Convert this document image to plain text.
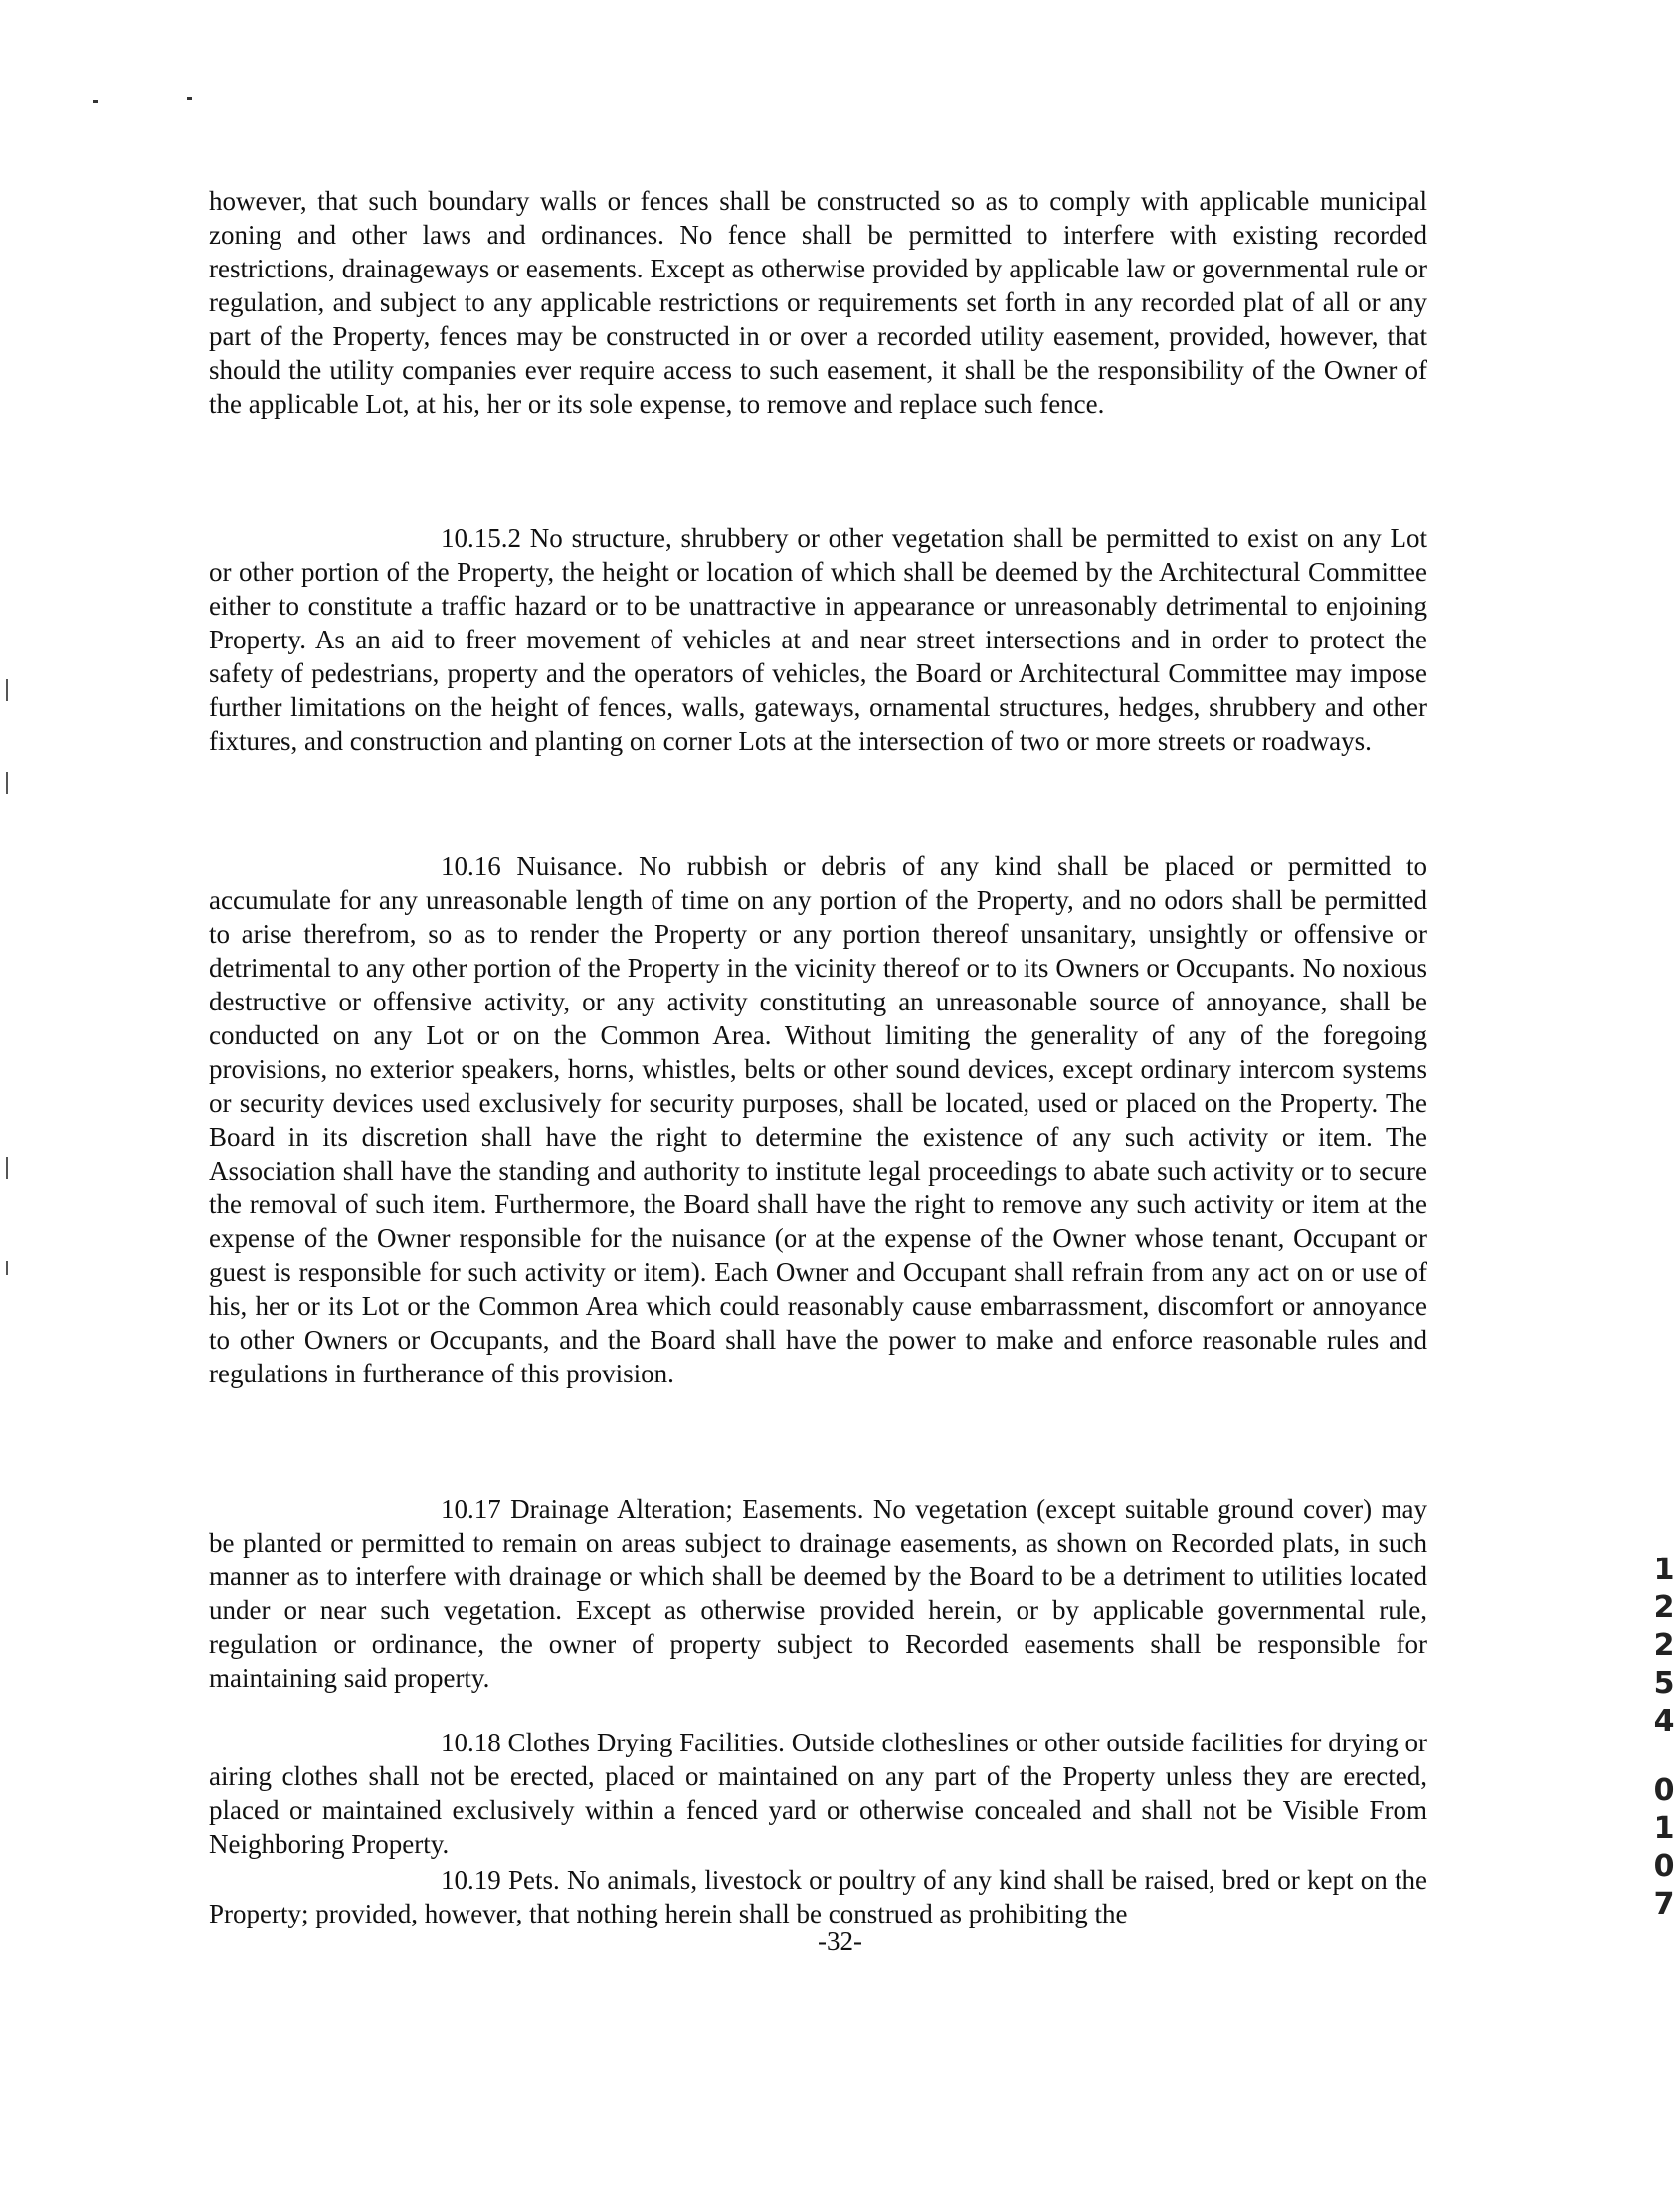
however, that such boundary walls or fences shall be constructed so as to comply with applicable municipal zoning and other laws and ordinances. No fence shall be permitted to interfere with existing recorded restrictions, drainageways or easements. Except as otherwise provided by applicable law or governmental rule or regulation, and subject to any applicable restrictions or requirements set forth in any recorded plat of all or any part of the Property, fences may be constructed in or over a recorded utility easement, provided, however, that should the utility companies ever require access to such easement, it shall be the responsibility of the Owner of the applicable Lot, at his, her or its sole expense, to remove and replace such fence.

10.15.2 No structure, shrubbery or other vegetation shall be permitted to exist on any Lot or other portion of the Property, the height or location of which shall be deemed by the Architectural Committee either to constitute a traffic hazard or to be unattractive in appearance or unreasonably detrimental to enjoining Property. As an aid to freer movement of vehicles at and near street intersections and in order to protect the safety of pedestrians, property and the operators of vehicles, the Board or Architectural Committee may impose further limitations on the height of fences, walls, gateways, ornamental structures, hedges, shrubbery and other fixtures, and construction and planting on corner Lots at the intersection of two or more streets or roadways.

10.16 Nuisance. No rubbish or debris of any kind shall be placed or permitted to accumulate for any unreasonable length of time on any portion of the Property, and no odors shall be permitted to arise therefrom, so as to render the Property or any portion thereof unsanitary, unsightly or offensive or detrimental to any other portion of the Property in the vicinity thereof or to its Owners or Occupants. No noxious destructive or offensive activity, or any activity constituting an unreasonable source of annoyance, shall be conducted on any Lot or on the Common Area. Without limiting the generality of any of the foregoing provisions, no exterior speakers, horns, whistles, belts or other sound devices, except ordinary intercom systems or security devices used exclusively for security purposes, shall be located, used or placed on the Property. The Board in its discretion shall have the right to determine the existence of any such activity or item. The Association shall have the standing and authority to institute legal proceedings to abate such activity or to secure the removal of such item. Furthermore, the Board shall have the right to remove any such activity or item at the expense of the Owner responsible for the nuisance (or at the expense of the Owner whose tenant, Occupant or guest is responsible for such activity or item). Each Owner and Occupant shall refrain from any act on or use of his, her or its Lot or the Common Area which could reasonably cause embarrassment, discomfort or annoyance to other Owners or Occupants, and the Board shall have the power to make and enforce reasonable rules and regulations in furtherance of this provision.

10.17 Drainage Alteration; Easements. No vegetation (except suitable ground cover) may be planted or permitted to remain on areas subject to drainage easements, as shown on Recorded plats, in such manner as to interfere with drainage or which shall be deemed by the Board to be a detriment to utilities located under or near such vegetation. Except as otherwise provided herein, or by applicable governmental rule, regulation or ordinance, the owner of property subject to Recorded easements shall be responsible for maintaining said property.

10.18 Clothes Drying Facilities. Outside clotheslines or other outside facilities for drying or airing clothes shall not be erected, placed or maintained on any part of the Property unless they are erected, placed or maintained exclusively within a fenced yard or otherwise concealed and shall not be Visible From Neighboring Property.

10.19 Pets. No animals, livestock or poultry of any kind shall be raised, bred or kept on the Property; provided, however, that nothing herein shall be construed as prohibiting the

-32-
1
2
2
5
4
0
1
0
7
